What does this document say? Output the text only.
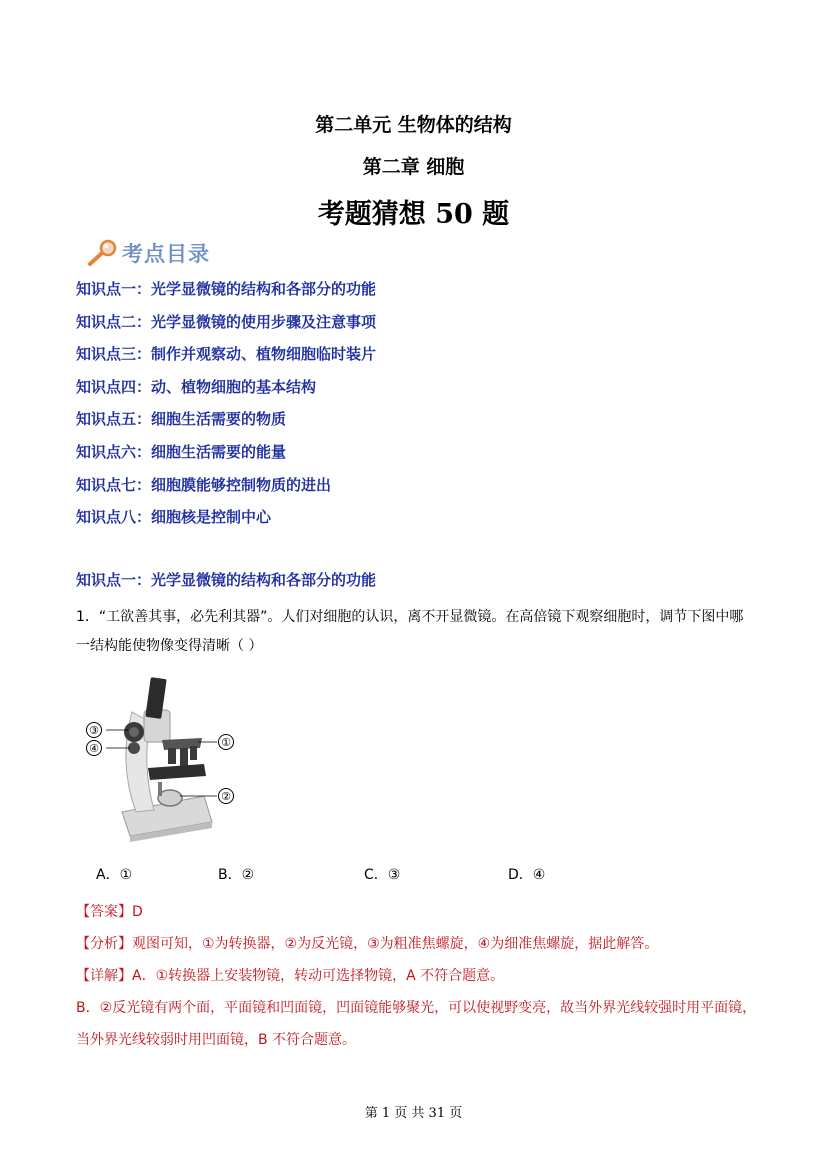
第二单元 生物体的结构
第二章 细胞
考题猜想 50 题
考点目录
知识点一：光学显微镜的结构和各部分的功能
知识点二：光学显微镜的使用步骤及注意事项
知识点三：制作并观察动、植物细胞临时装片
知识点四：动、植物细胞的基本结构
知识点五：细胞生活需要的物质
知识点六：细胞生活需要的能量
知识点七：细胞膜能够控制物质的进出
知识点八：细胞核是控制中心
知识点一：光学显微镜的结构和各部分的功能
1．“工欲善其事，必先利其器”。人们对细胞的认识，离不开显微镜。在高倍镜下观察细胞时，调节下图中哪一结构能使物像变得清晰（ ）
③
④	①
②
A．①	B．②	C．③	D．④
【答案】D
【分析】观图可知，①为转换器，②为反光镜，③为粗准焦螺旋，④为细准焦螺旋，据此解答。
【详解】A．①转换器上安装物镜，转动可选择物镜，A 不符合题意。
B．②反光镜有两个面，平面镜和凹面镜，凹面镜能够聚光，可以使视野变亮，故当外界光线较强时用平面镜，当外界光线较弱时用凹面镜，B 不符合题意。
第 1 页 共 31 页
